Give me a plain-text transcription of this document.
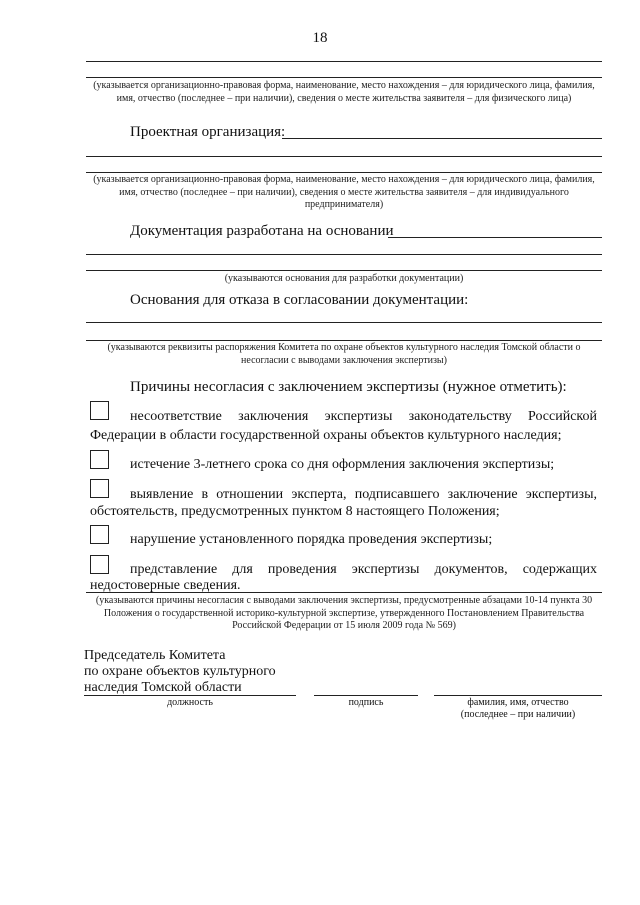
18
(указывается организационно-правовая форма, наименование, место нахождения – для юридического лица, фамилия, имя, отчество (последнее – при наличии), сведения о месте жительства заявителя – для физического лица)
Проектная организация:
(указывается организационно-правовая форма, наименование, место нахождения – для юридического лица, фамилия, имя, отчество (последнее – при наличии), сведения о месте жительства заявителя – для индивидуального предпринимателя)
Документация разработана на основании
(указываются основания для разработки документации)
Основания для отказа в согласовании документации:
(указываются реквизиты распоряжения Комитета по охране объектов культурного наследия Томской области о несогласии с выводами заключения экспертизы)
Причины несогласия с заключением экспертизы (нужное отметить):
несоответствие заключения экспертизы законодательству Российской
Федерации в области государственной охраны объектов культурного наследия;
истечение 3-летнего срока со дня оформления заключения экспертизы;
выявление в отношении эксперта, подписавшего заключение экспертизы,
обстоятельств, предусмотренных пунктом 8 настоящего Положения;
нарушение установленного порядка проведения экспертизы;
представление для проведения экспертизы документов, содержащих
недостоверные сведения.
(указываются причины несогласия с выводами заключения экспертизы, предусмотренные абзацами 10-14 пункта 30 Положения о государственной историко-культурной экспертизе, утвержденного Постановлением Правительства Российской Федерации от 15 июля 2009 года № 569)
Председатель Комитета
по охране объектов культурного
наследия Томской области
должность	подпись	фамилия, имя, отчество
(последнее – при наличии)
